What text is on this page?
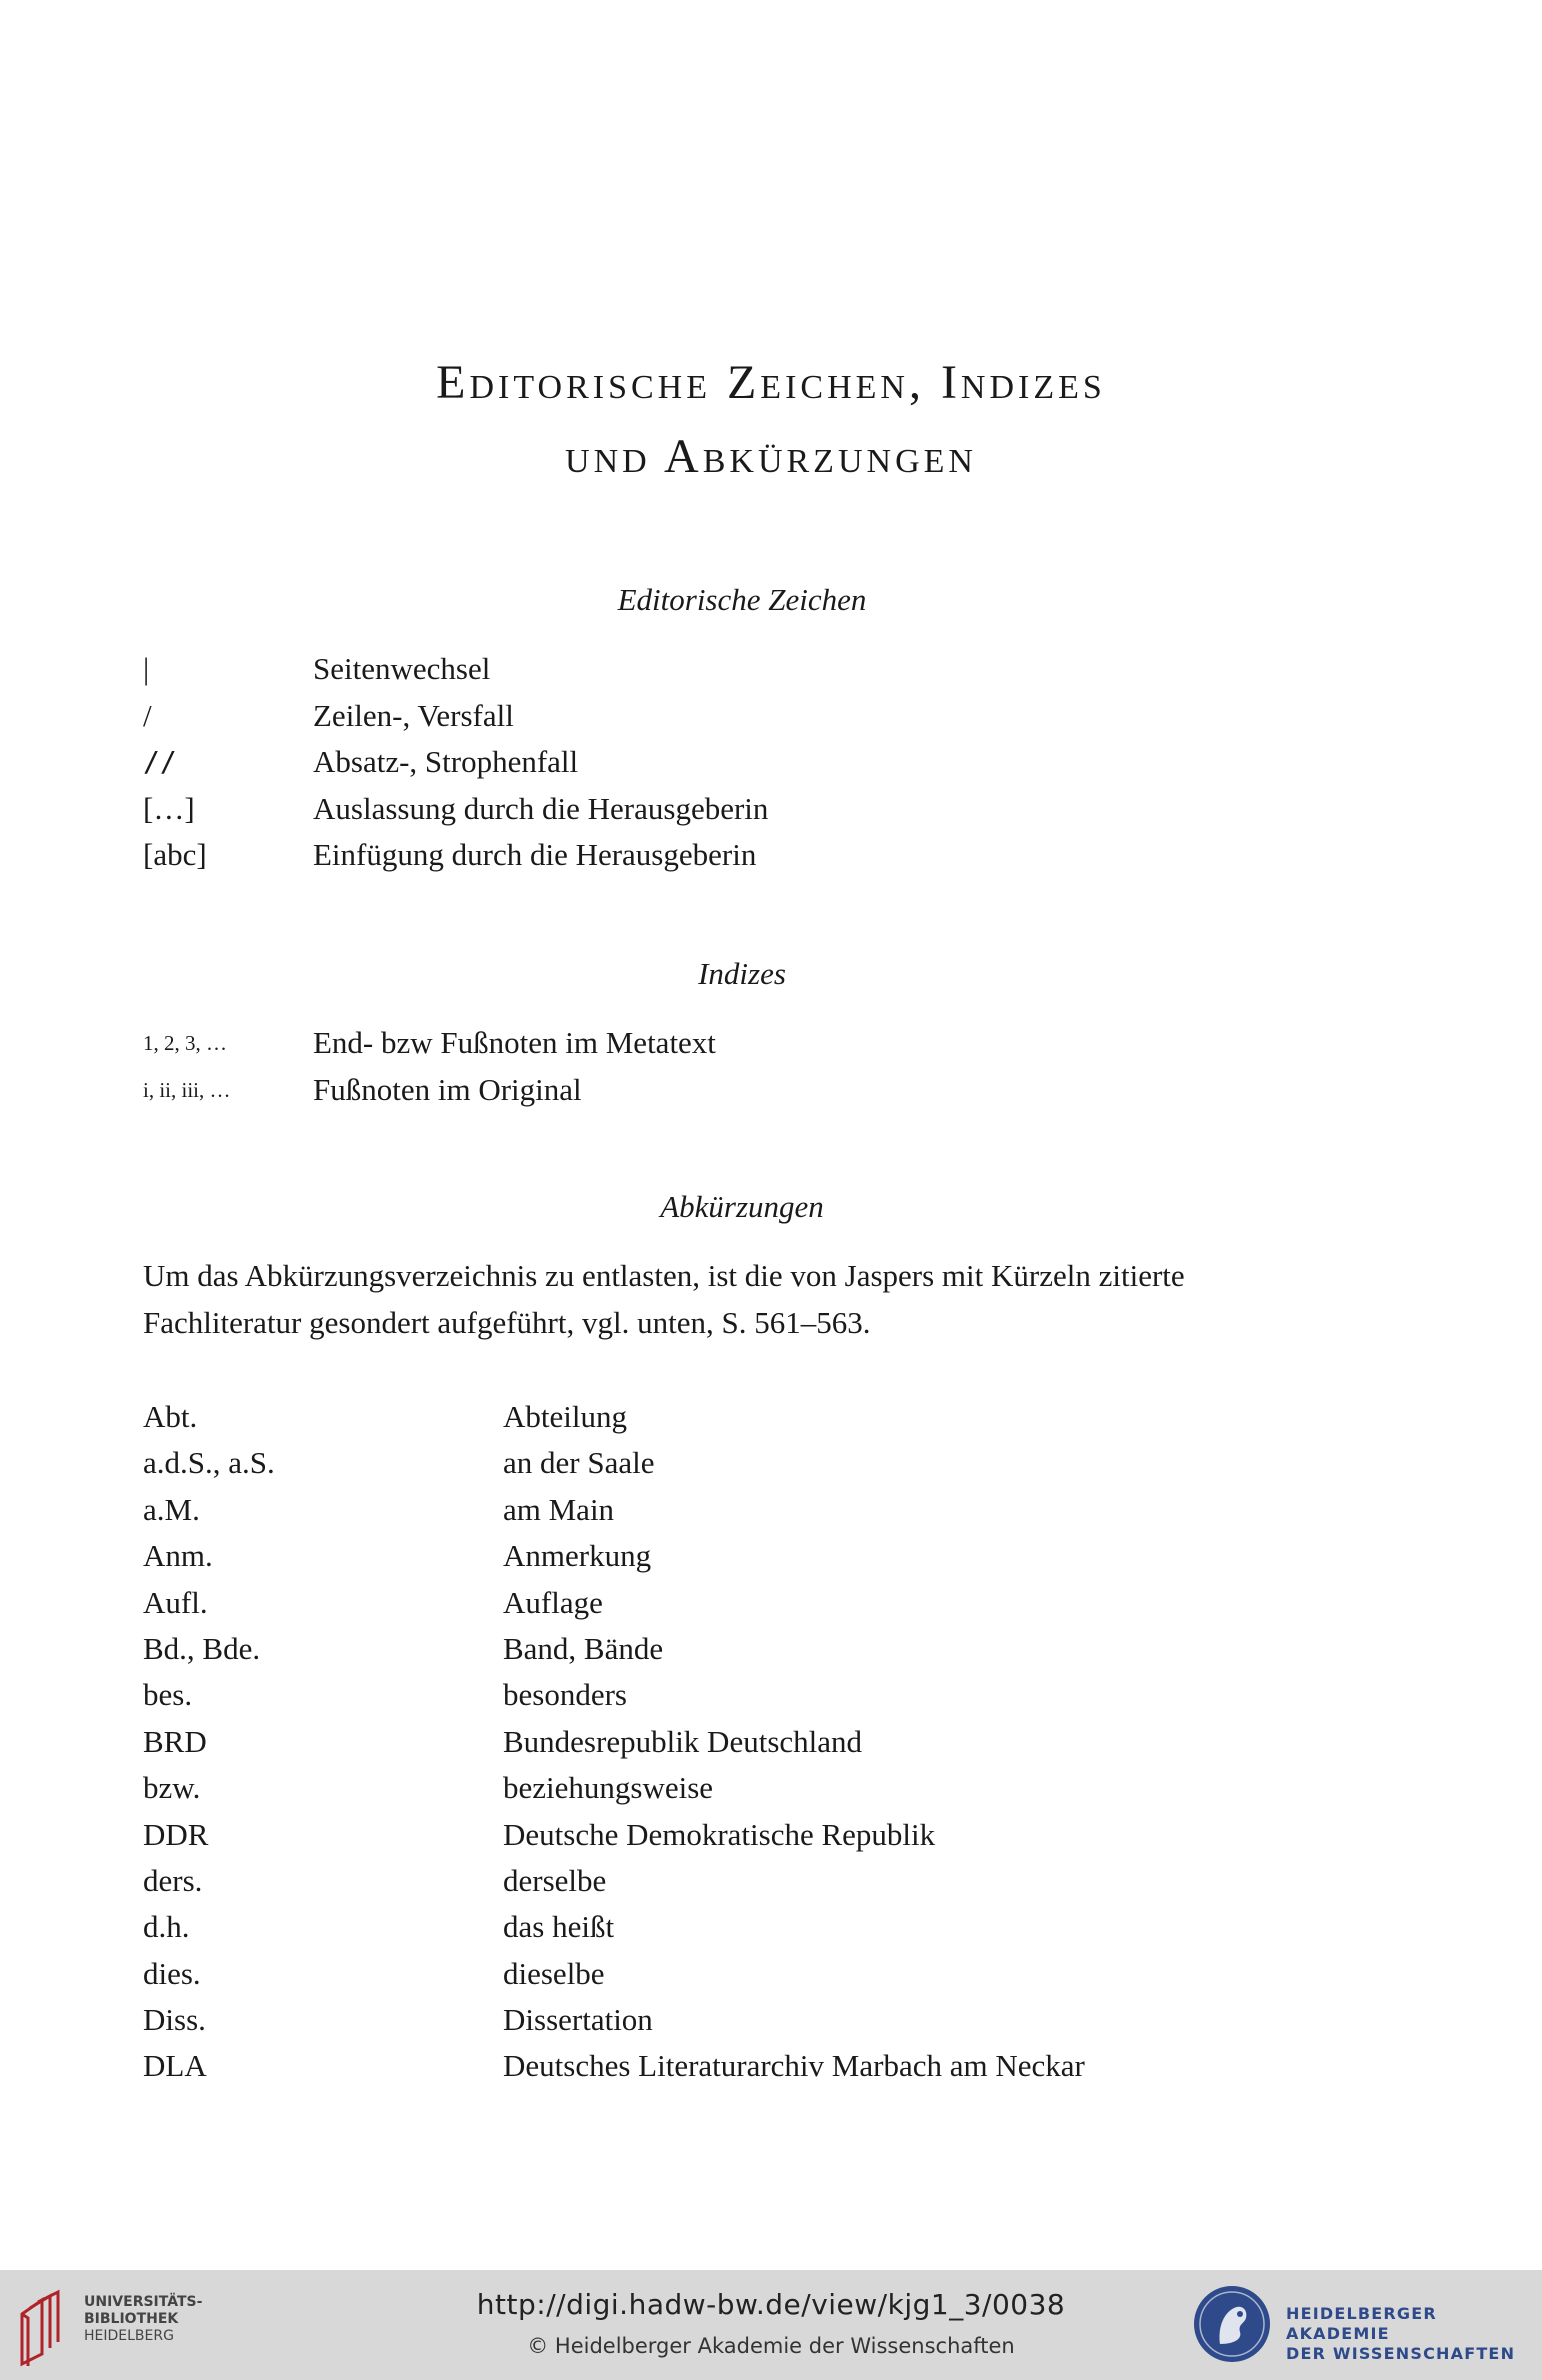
Editorische Zeichen, Indizes
und Abkürzungen
Editorische Zeichen
|	Seitenwechsel
/	Zeilen-, Versfall
//	Absatz-, Strophenfall
[…]	Auslassung durch die Herausgeberin
[abc]	Einfügung durch die Herausgeberin
Indizes
1, 2, 3, …	End- bzw Fußnoten im Metatext
i, ii, iii, …	Fußnoten im Original
Abkürzungen

Um das Abkürzungsverzeichnis zu entlasten, ist die von Jaspers mit Kürzeln zitierte

Fachliteratur gesondert aufgeführt, vgl. unten, S. 561–563.

Abt.	Abteilung
a.d.S., a.S.	an der Saale
a.M.	am Main
Anm.	Anmerkung
Aufl.	Auflage
Bd., Bde.	Band, Bände
bes.	besonders
BRD	Bundesrepublik Deutschland
bzw.	beziehungsweise
DDR	Deutsche Demokratische Republik
ders.	derselbe
d.h.	das heißt
dies.	dieselbe
Diss.	Dissertation
DLA	Deutsches Literaturarchiv Marbach am Neckar
UNIVERSITÄTS-
BIBLIOTHEK
HEIDELBERG
http://digi.hadw-bw.de/view/kjg1_3/0038
© Heidelberger Akademie der Wissenschaften
HEIDELBERGER AKADEMIE
DER WISSENSCHAFTEN
